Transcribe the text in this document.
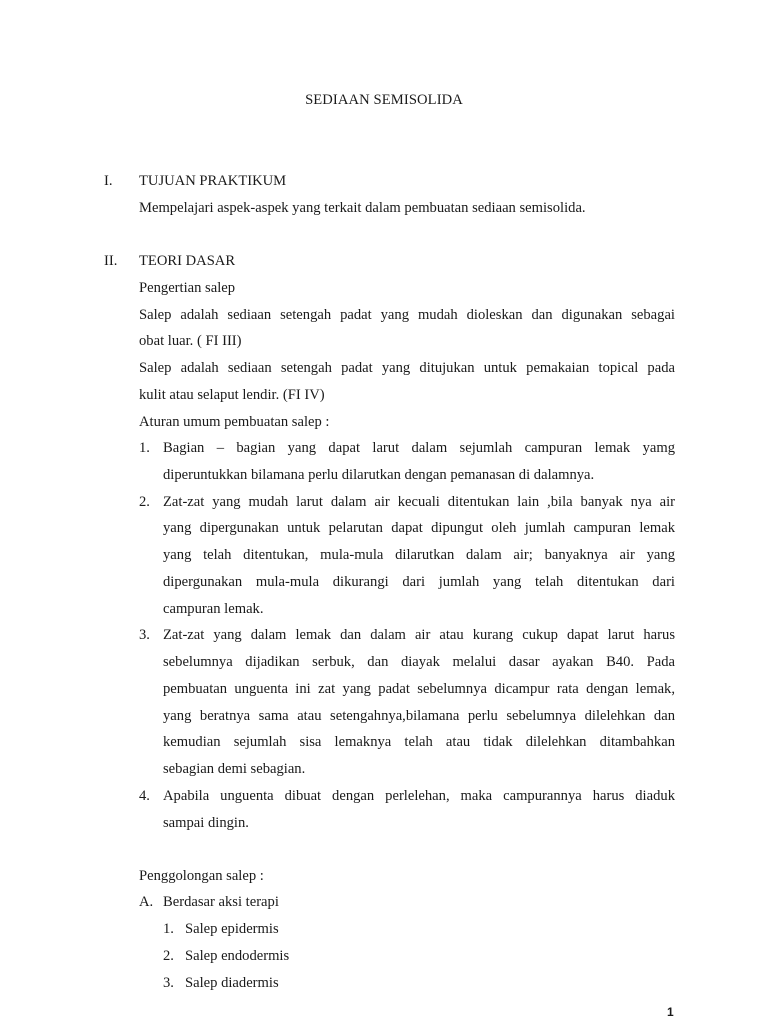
SEDIAAN SEMISOLIDA
I. TUJUAN PRAKTIKUM
Mempelajari aspek-aspek yang terkait dalam pembuatan sediaan semisolida.
II. TEORI DASAR
Pengertian salep
Salep adalah sediaan setengah padat yang mudah dioleskan dan digunakan sebagai
obat luar. ( FI III)
Salep adalah sediaan setengah padat yang ditujukan untuk pemakaian topical pada
kulit atau selaput lendir. (FI IV)
Aturan umum pembuatan salep :
1. Bagian – bagian yang dapat larut dalam sejumlah campuran lemak yamg
diperuntukkan bilamana perlu dilarutkan dengan pemanasan di dalamnya.
2. Zat-zat yang mudah larut dalam air kecuali ditentukan lain ,bila banyak nya air
yang dipergunakan untuk pelarutan dapat dipungut oleh jumlah campuran lemak
yang telah ditentukan, mula-mula dilarutkan dalam air; banyaknya air yang
dipergunakan mula-mula dikurangi dari jumlah yang telah ditentukan dari
campuran lemak.
3. Zat-zat yang dalam lemak dan dalam air atau kurang cukup dapat larut harus
sebelumnya dijadikan serbuk, dan diayak melalui dasar ayakan B40. Pada
pembuatan unguenta ini zat yang padat sebelumnya dicampur rata dengan lemak,
yang beratnya sama atau setengahnya,bilamana perlu sebelumnya dilelehkan dan
kemudian sejumlah sisa lemaknya telah atau tidak dilelehkan ditambahkan
sebagian demi sebagian.
4. Apabila unguenta dibuat dengan perlelehan, maka campurannya harus diaduk
sampai dingin.
Penggolongan salep :
A. Berdasar aksi terapi
1. Salep epidermis
2. Salep endodermis
3. Salep diadermis
1
